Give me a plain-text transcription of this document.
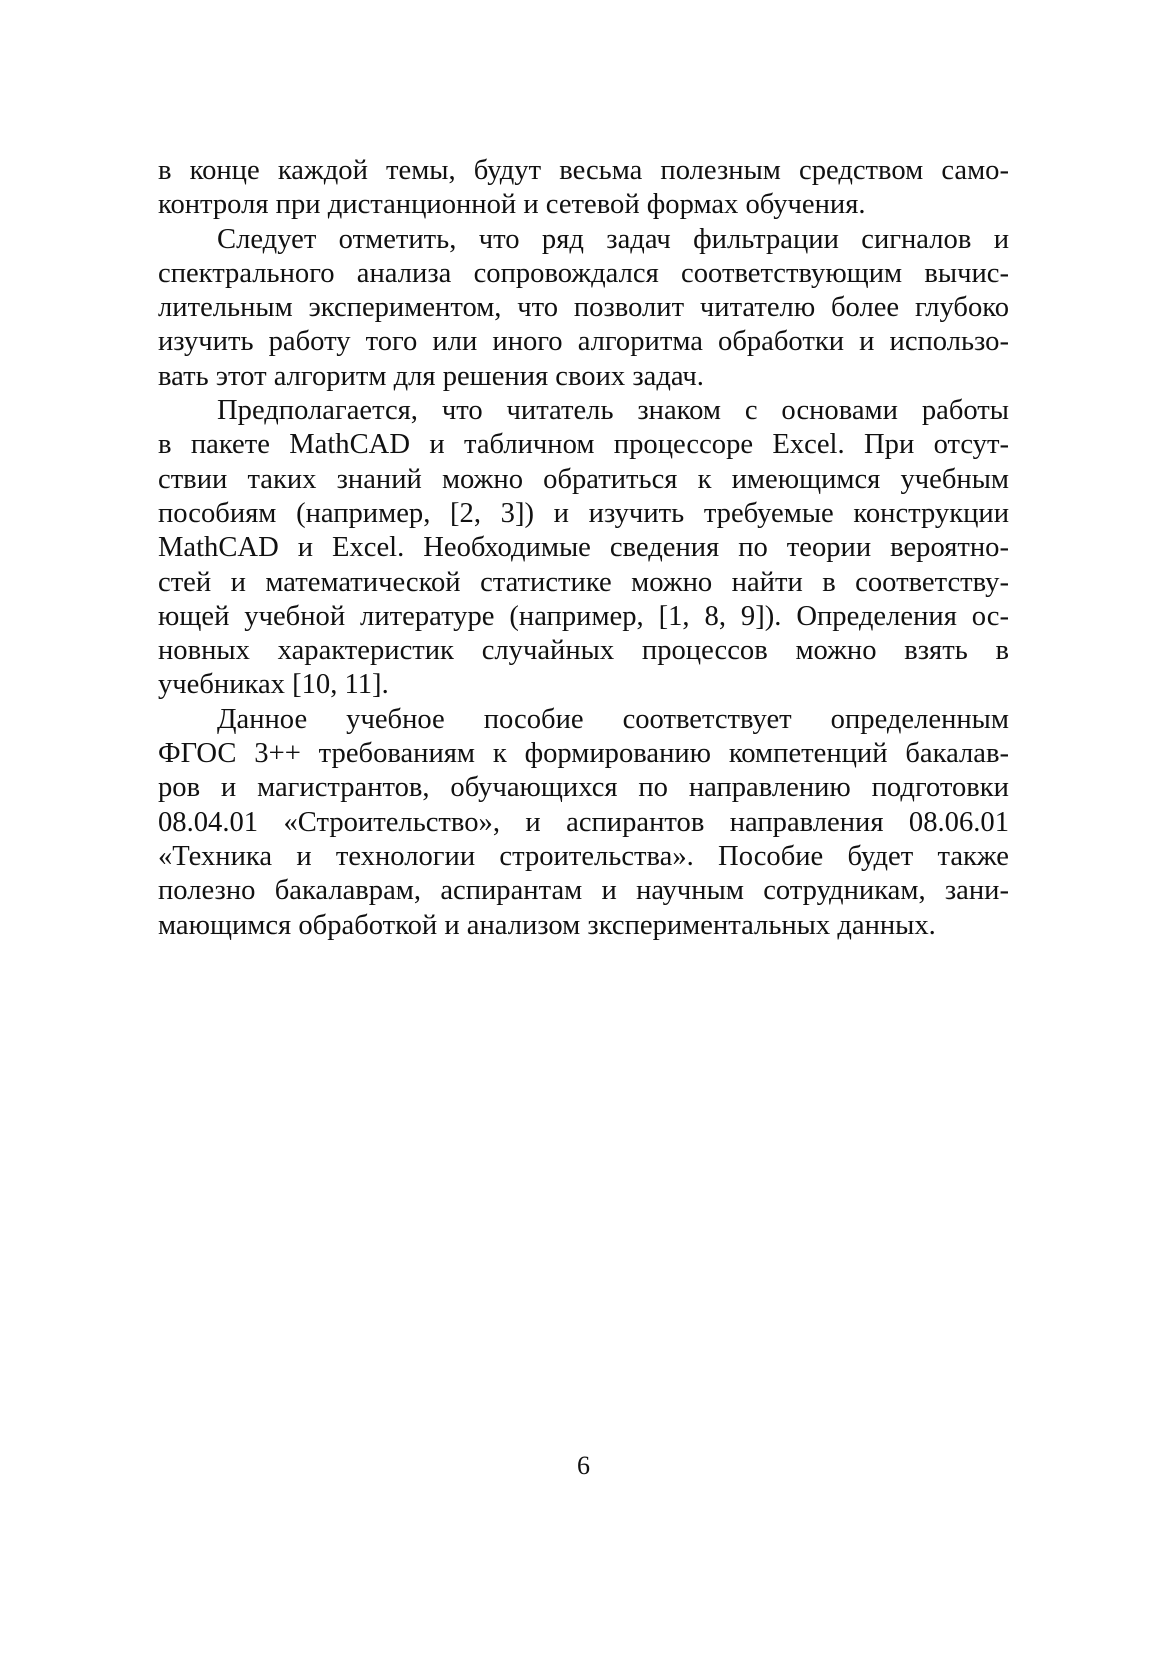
в конце каждой темы, будут весьма полезным средством само-
контроля при дистанционной и сетевой формах обучения.
Следует отметить, что ряд задач фильтрации сигналов и
спектрального анализа сопровождался соответствующим вычис-
лительным экспериментом, что позволит читателю более глубоко
изучить работу того или иного алгоритма обработки и использо-
вать этот алгоритм для решения своих задач.
Предполагается, что читатель знаком с основами работы
в пакете MathCAD и табличном процессоре Excel. При отсут-
ствии таких знаний можно обратиться к имеющимся учебным
пособиям (например, [2, 3]) и изучить требуемые конструкции
MathCAD и Excel. Необходимые сведения по теории вероятно-
стей и математической статистике можно найти в соответству-
ющей учебной литературе (например, [1, 8, 9]). Определения ос-
новных характеристик случайных процессов можно взять в
учебниках [10, 11].
Данное учебное пособие соответствует определенным
ФГОС 3++ требованиям к формированию компетенций бакалав-
ров и магистрантов, обучающихся по направлению подготовки
08.04.01 «Строительство», и аспирантов направления 08.06.01
«Техника и технологии строительства». Пособие будет также
полезно бакалаврам, аспирантам и научным сотрудникам, зани-
мающимся обработкой и анализом зкспериментальных данных.
6
